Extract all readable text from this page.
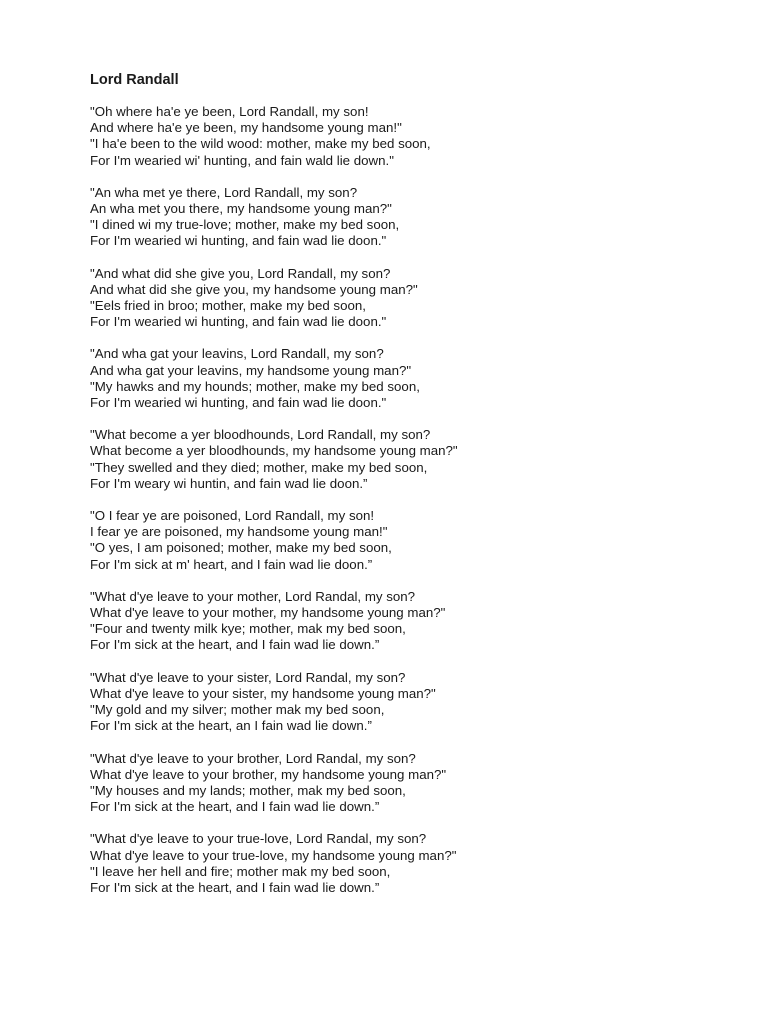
Lord Randall
"Oh where ha'e ye been, Lord Randall, my son!
And where ha'e ye been, my handsome young man!"
"I ha'e been to the wild wood: mother, make my bed soon,
For I'm wearied wi' hunting, and fain wald lie down."
"An wha met ye there, Lord Randall, my son?
An wha met you there, my handsome young man?"
"I dined wi my true-love; mother, make my bed soon,
For I'm wearied wi hunting, and fain wad lie doon."
"And what did she give you, Lord Randall, my son?
And what did she give you, my handsome young man?"
"Eels fried in broo; mother, make my bed soon,
For I'm wearied wi hunting, and fain wad lie doon."
"And wha gat your leavins, Lord Randall, my son?
And wha gat your leavins, my handsome young man?"
"My hawks and my hounds; mother, make my bed soon,
For I'm wearied wi hunting, and fain wad lie doon."
"What become a yer bloodhounds, Lord Randall, my son?
What become a yer bloodhounds, my handsome young man?"
"They swelled and they died; mother, make my bed soon,
For I'm weary wi huntin, and fain wad lie doon.”
"O I fear ye are poisoned, Lord Randall, my son!
I fear ye are poisoned, my handsome young man!"
"O yes, I am poisoned; mother, make my bed soon,
For I'm sick at m' heart, and I fain wad lie doon.”
"What d'ye leave to your mother, Lord Randal, my son?
What d'ye leave to your mother, my handsome young man?"
"Four and twenty milk kye; mother, mak my bed soon,
For I'm sick at the heart, and I fain wad lie down.”
"What d'ye leave to your sister, Lord Randal, my son?
What d'ye leave to your sister, my handsome young man?"
"My gold and my silver; mother mak my bed soon,
For I'm sick at the heart, an I fain wad lie down.”
"What d'ye leave to your brother, Lord Randal, my son?
What d'ye leave to your brother, my handsome young man?"
"My houses and my lands; mother, mak my bed soon,
For I'm sick at the heart, and I fain wad lie down.”
"What d'ye leave to your true-love, Lord Randal, my son?
What d'ye leave to your true-love, my handsome young man?"
"I leave her hell and fire; mother mak my bed soon,
For I'm sick at the heart, and I fain wad lie down.”
